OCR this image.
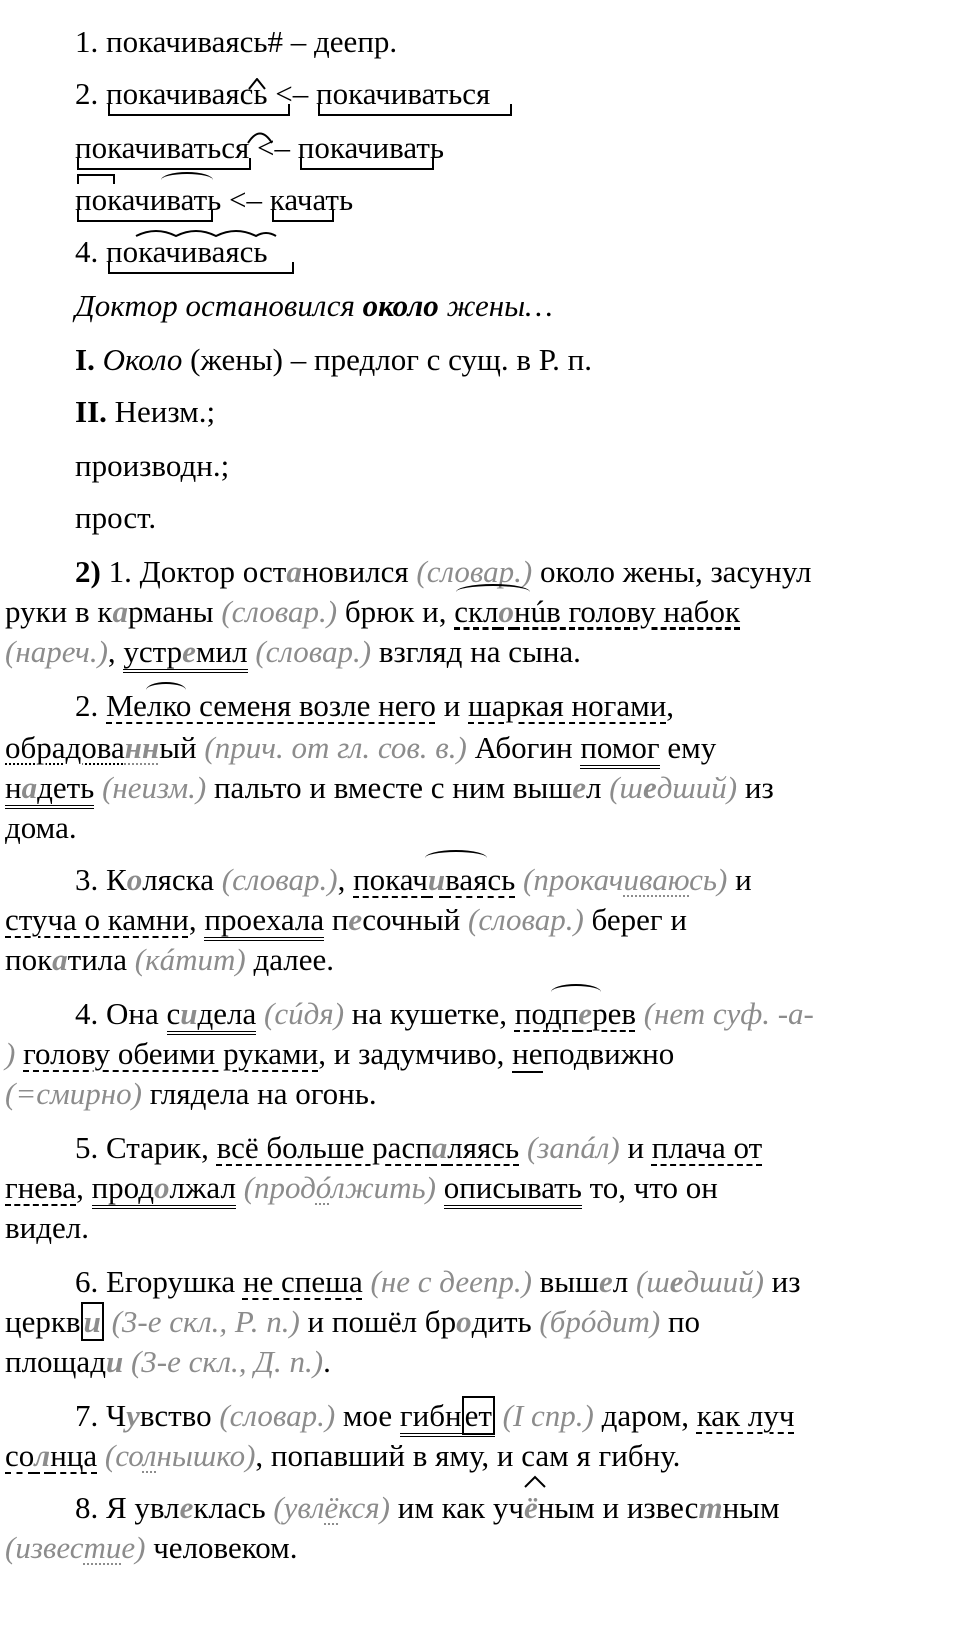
1. покачиваясь# – деепр.
2. покачиваясь
<– покачиваться
покачиваться
<– покачивать
покачивать
<– качать
4. покачиваясь
Доктор остановился около жены…
I. Около (жены) – предлог с сущ. в Р. п.
II. Неизм.;
производн.;
прост.
2) 1. Доктор остановился (словар.) около жены, засунул
руки в карманы (словар.) брюк и,
склонúв голову набок
(нареч.), устремил (словар.) взгляд на сына.
2.
Мелко семеня возле него и шаркая ногами,
обрадованный (прич. от гл. сов. в.) Абогин помог ему
надеть (неизм.) пальто и вместе с ним вышел (шедший) из
дома.
3. Коляска (словар.),
покачиваясь (прокачиваюсь) и
стуча о камни, проехала песочный (словар.) берег и
покатила (кáтит) далее.
4. Она сидела (сúдя) на кушетке,
подперев (нет суф. -а-
) голову обеими руками, и задумчиво, неподвижно
(=смирно) глядела на огонь.
5. Старик, всё больше распаляясь (запáл) и плача от
гнева, продолжал (продóлжить) описывать то, что он
видел.
6. Егорушка не спеша (не с деепр.) вышел (шедший) из
церкви (3-е скл., Р. п.) и пошёл бродить (брóдит) по
площади (3-е скл., Д. п.).
7. Чувство (словар.) мое гибнет (I спр.) даром, как луч
солнца (солнышко), попавший в яму, и сам я гибну.
8. Я увлеклась (увлёкся) им как уч
ёным и известным
(известие) человеком.
